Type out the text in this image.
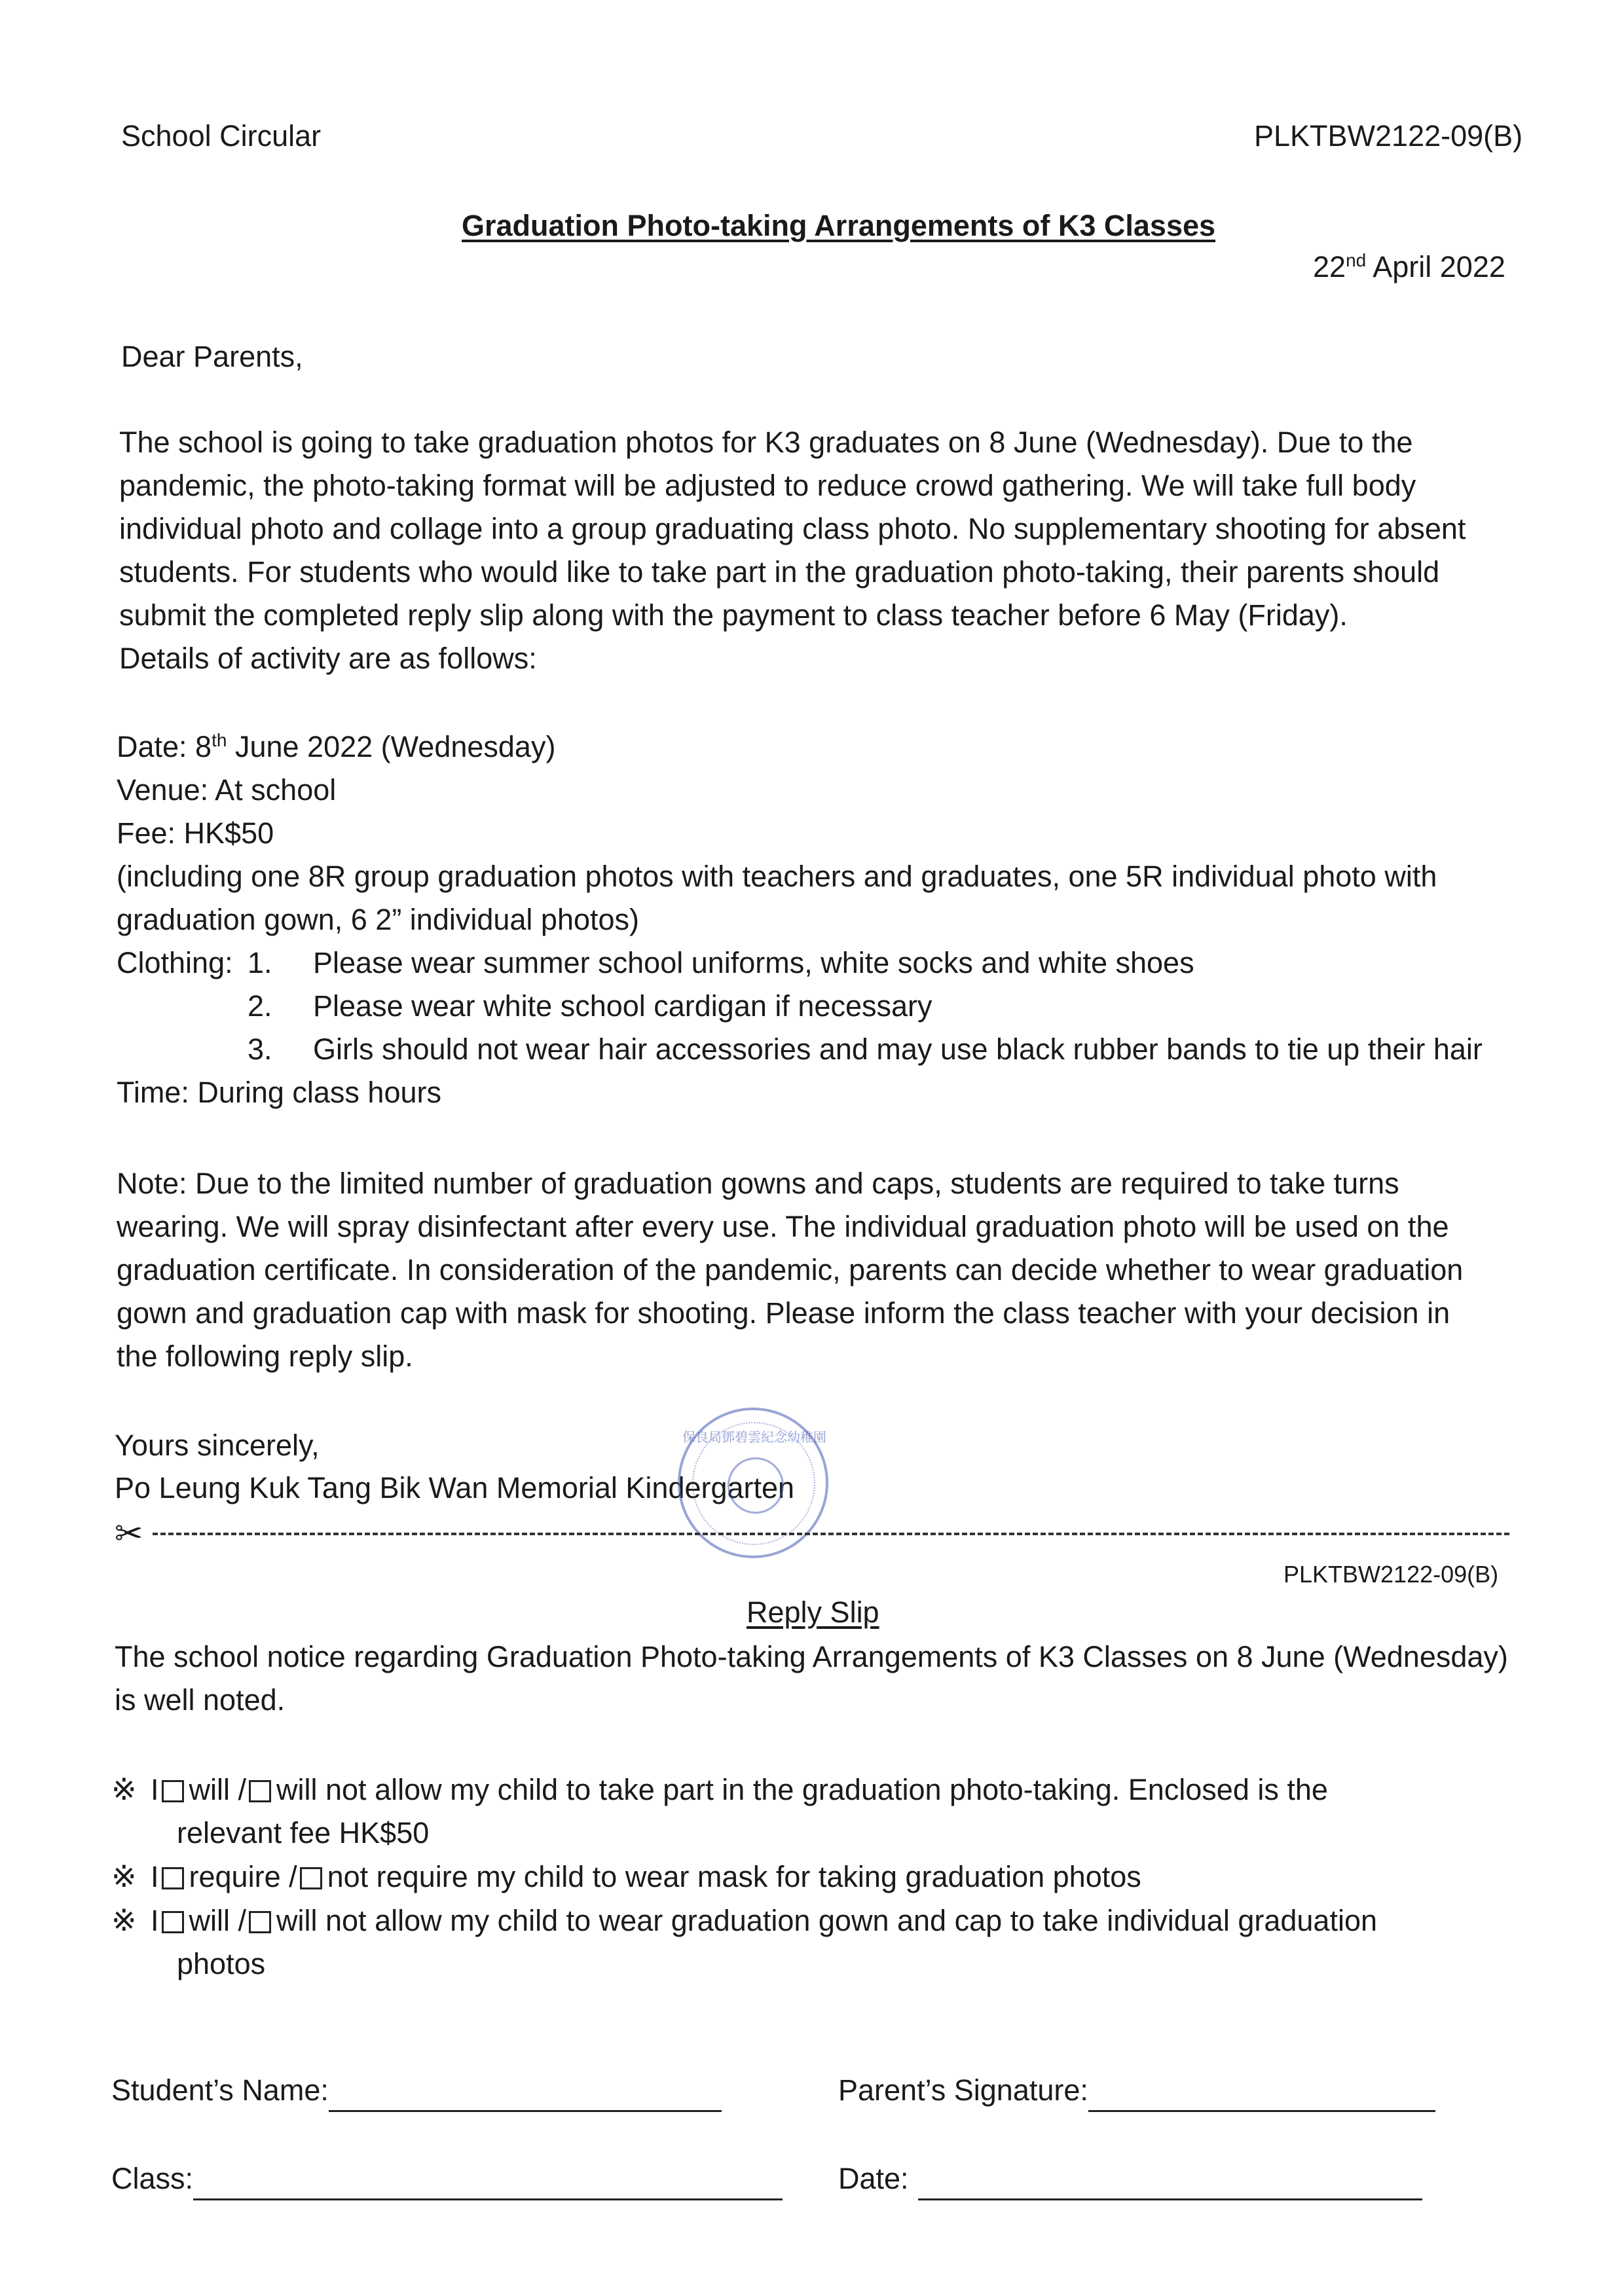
School Circular	PLKTBW2122-09(B)
Graduation Photo-taking Arrangements of K3 Classes
22nd April 2022
Dear Parents,
The school is going to take graduation photos for K3 graduates on 8 June (Wednesday). Due to the
pandemic, the photo-taking format will be adjusted to reduce crowd gathering. We will take full body
individual photo and collage into a group graduating class photo. No supplementary shooting for absent
students. For students who would like to take part in the graduation photo-taking, their parents should
submit the completed reply slip along with the payment to class teacher before 6 May (Friday).
Details of activity are as follows:
Date: 8th June 2022 (Wednesday)
Venue: At school
Fee: HK$50
(including one 8R group graduation photos with teachers and graduates, one 5R individual photo with
graduation gown, 6 2” individual photos)
Clothing: 1. Please wear summer school uniforms, white socks and white shoes
2. Please wear white school cardigan if necessary
3. Girls should not wear hair accessories and may use black rubber bands to tie up their hair
Time: During class hours
Note: Due to the limited number of graduation gowns and caps, students are required to take turns
wearing. We will spray disinfectant after every use. The individual graduation photo will be used on the
graduation certificate. In consideration of the pandemic, parents can decide whether to wear graduation
gown and graduation cap with mask for shooting. Please inform the class teacher with your decision in
the following reply slip.
Yours sincerely,
Po Leung Kuk Tang Bik Wan Memorial Kindergarten
保良局鄧碧雲紀念幼稚園
✂
PLKTBW2122-09(B)
Reply Slip
The school notice regarding Graduation Photo-taking Arrangements of K3 Classes on 8 June (Wednesday)
is well noted.
※ I will / will not allow my child to take part in the graduation photo-taking. Enclosed is the
relevant fee HK$50
※ I require / not require my child to wear mask for taking graduation photos
※ I will / will not allow my child to wear graduation gown and cap to take individual graduation
photos
Student’s Name:	Parent’s Signature:
Class:	Date:
